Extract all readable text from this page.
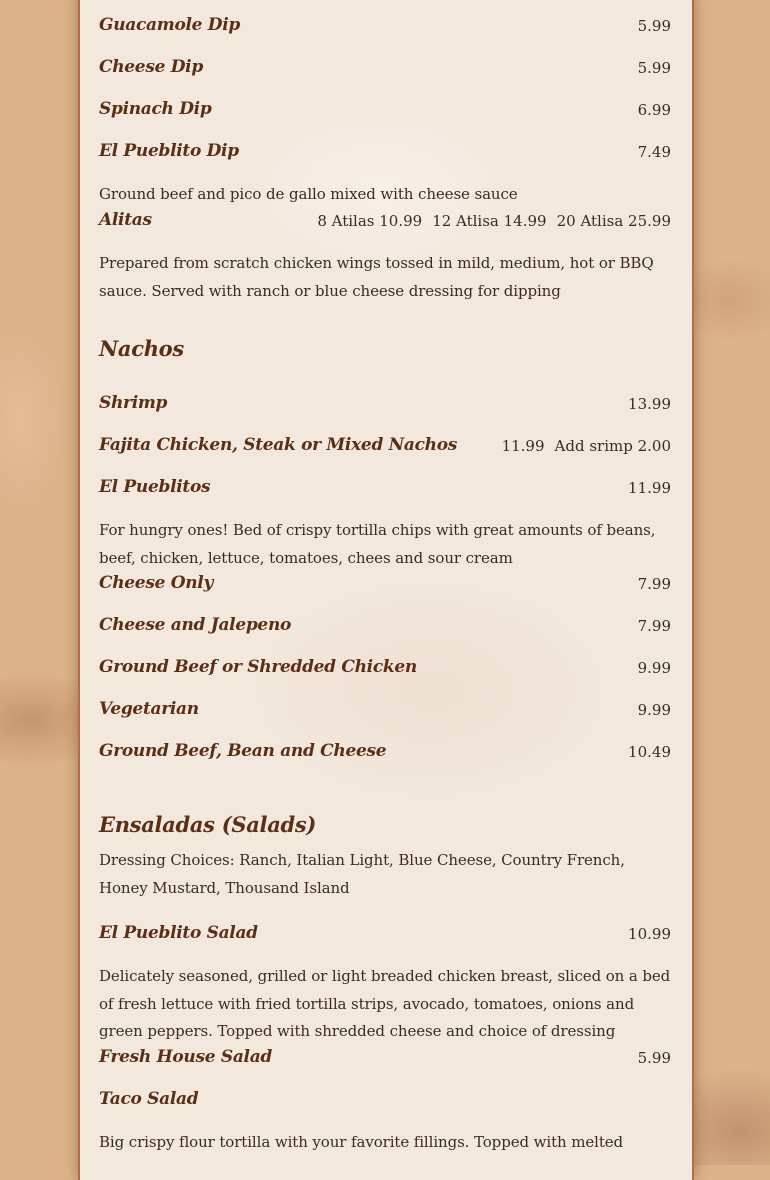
Guacamole Dip	5.99
Cheese Dip	5.99
Spinach Dip	6.99
El Pueblito Dip	7.49
Ground beef and pico de gallo mixed with cheese sauce
Alitas	8 Atilas 10.99 12 Atlisa 14.99 20 Atlisa 25.99
Prepared from scratch chicken wings tossed in mild, medium, hot or BBQ sauce. Served with ranch or blue cheese dressing for dipping
Nachos
Shrimp	13.99
Fajita Chicken, Steak or Mixed Nachos	11.99 Add srimp 2.00
El Pueblitos	11.99
For hungry ones! Bed of crispy tortilla chips with great amounts of beans, beef, chicken, lettuce, tomatoes, chees and sour cream
Cheese Only	7.99
Cheese and Jalepeno	7.99
Ground Beef or Shredded Chicken	9.99
Vegetarian	9.99
Ground Beef, Bean and Cheese	10.49
Ensaladas (Salads)
Dressing Choices: Ranch, Italian Light, Blue Cheese, Country French, Honey Mustard, Thousand Island
El Pueblito Salad	10.99
Delicately seasoned, grilled or light breaded chicken breast, sliced on a bed of fresh lettuce with fried tortilla strips, avocado, tomatoes, onions and green peppers. Topped with shredded cheese and choice of dressing
Fresh House Salad	5.99
Taco Salad
Big crispy flour tortilla with your favorite fillings. Topped with melted
